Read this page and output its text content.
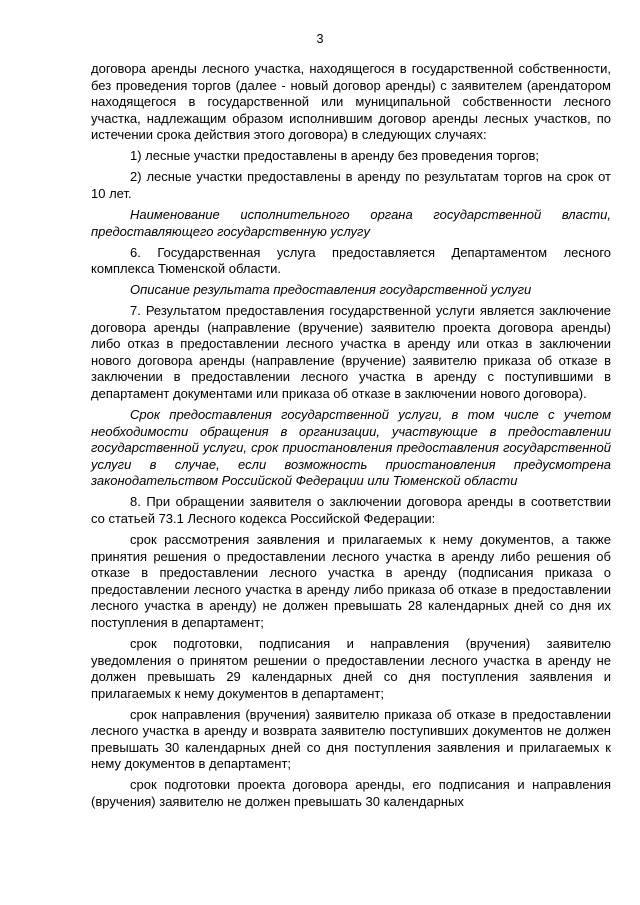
3

договора аренды лесного участка, находящегося в государственной собственности, без проведения торгов (далее - новый договор аренды) с заявителем (арендатором находящегося в государственной или муниципальной собственности лесного участка, надлежащим образом исполнившим договор аренды лесных участков, по истечении срока действия этого договора) в следующих случаях:

1) лесные участки предоставлены в аренду без проведения торгов;

2) лесные участки предоставлены в аренду по результатам торгов на срок от 10 лет.

Наименование исполнительного органа государственной власти, предоставляющего государственную услугу

6. Государственная услуга предоставляется Департаментом лесного комплекса Тюменской области.

Описание результата предоставления государственной услуги

7. Результатом предоставления государственной услуги является заключение договора аренды (направление (вручение) заявителю проекта договора аренды) либо отказ в предоставлении лесного участка в аренду или отказ в заключении нового договора аренды (направление (вручение) заявителю приказа об отказе в заключении в предоставлении лесного участка в аренду с поступившими в департамент документами или приказа об отказе в заключении нового договора).

Срок предоставления государственной услуги, в том числе с учетом необходимости обращения в организации, участвующие в предоставлении государственной услуги, срок приостановления предоставления государственной услуги в случае, если возможность приостановления предусмотрена законодательством Российской Федерации или Тюменской области

8. При обращении заявителя о заключении договора аренды в соответствии со статьей 73.1 Лесного кодекса Российской Федерации:

срок рассмотрения заявления и прилагаемых к нему документов, а также принятия решения о предоставлении лесного участка в аренду либо решения об отказе в предоставлении лесного участка в аренду (подписания приказа о предоставлении лесного участка в аренду либо приказа об отказе в предоставлении лесного участка в аренду) не должен превышать 28 календарных дней со дня их поступления в департамент;

срок подготовки, подписания и направления (вручения) заявителю уведомления о принятом решении о предоставлении лесного участка в аренду не должен превышать 29 календарных дней со дня поступления заявления и прилагаемых к нему документов в департамент;

срок направления (вручения) заявителю приказа об отказе в предоставлении лесного участка в аренду и возврата заявителю поступивших документов не должен превышать 30 календарных дней со дня поступления заявления и прилагаемых к нему документов в департамент;

срок подготовки проекта договора аренды, его подписания и направления (вручения) заявителю не должен превышать 30 календарных
